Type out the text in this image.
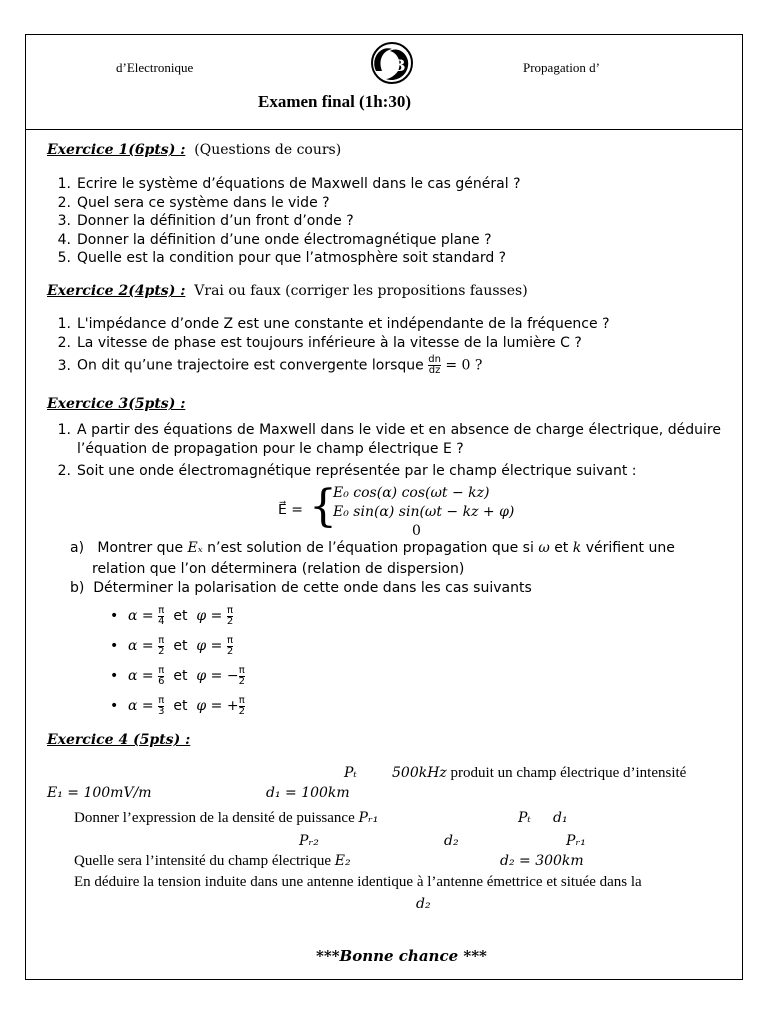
d’Electronique	B	Propagation d’
Examen final (1h:30)
Exercice 1(6pts) : (Questions de cours)
1. Ecrire le système d’équations de Maxwell dans le cas général ?
2. Quel sera ce système dans le vide ?
3. Donner la définition d’un front d’onde ?
4. Donner la définition d’une onde électromagnétique plane ?
5. Quelle est la condition pour que l’atmosphère soit standard ?
Exercice 2(4pts) : Vrai ou faux (corriger les propositions fausses)
1. L'impédance d’onde Z est une constante et indépendante de la fréquence ?
2. La vitesse de phase est toujours inférieure à la vitesse de la lumière C ?
3. On dit qu’une trajectoire est convergente lorsque $\frac{dn}{dz} = 0$ ?
Exercice 3(5pts) :
1. A partir des équations de Maxwell dans le vide et en absence de charge électrique, déduire l’équation de propagation pour le champ électrique E ?
2. Soit une onde électromagnétique représentée par le champ électrique suivant :
E⃗ = {
E₀ cos(α) cos(ωt − kz)
E₀ sin(α) sin(ωt − kz + φ)
0
a) Montrer que Eₓ n’est solution de l’équation propagation que si ω et k vérifient une
relation que l’on déterminera (relation de dispersion)
b) Déterminer la polarisation de cette onde dans les cas suivants
• $\alpha = \frac{\pi}{4}$ et  $\varphi = \frac{\pi}{2}$
• $\alpha = \frac{\pi}{2}$ et  $\varphi = \frac{\pi}{2}$
• $\alpha = \frac{\pi}{6}$ et  φ = − $\frac{\pi}{2}$
• $\alpha = \frac{\pi}{3}$ et  φ = + $\frac{\pi}{2}$
Exercice 4 (5pts) :
Pₜ	500kHz produit un champ électrique d’intensité
E₁ = 100mV/m	d₁ = 100km
Donner l’expression de la densité de puissance Pᵣ₁	Pₜ d₁
Pᵣ₂	d₂	Pᵣ₁
Quelle sera l’intensité du champ électrique E₂	d₂ = 300km
En déduire la tension induite dans une antenne identique à l’antenne émettrice et située dans la
d₂
***Bonne chance ***
